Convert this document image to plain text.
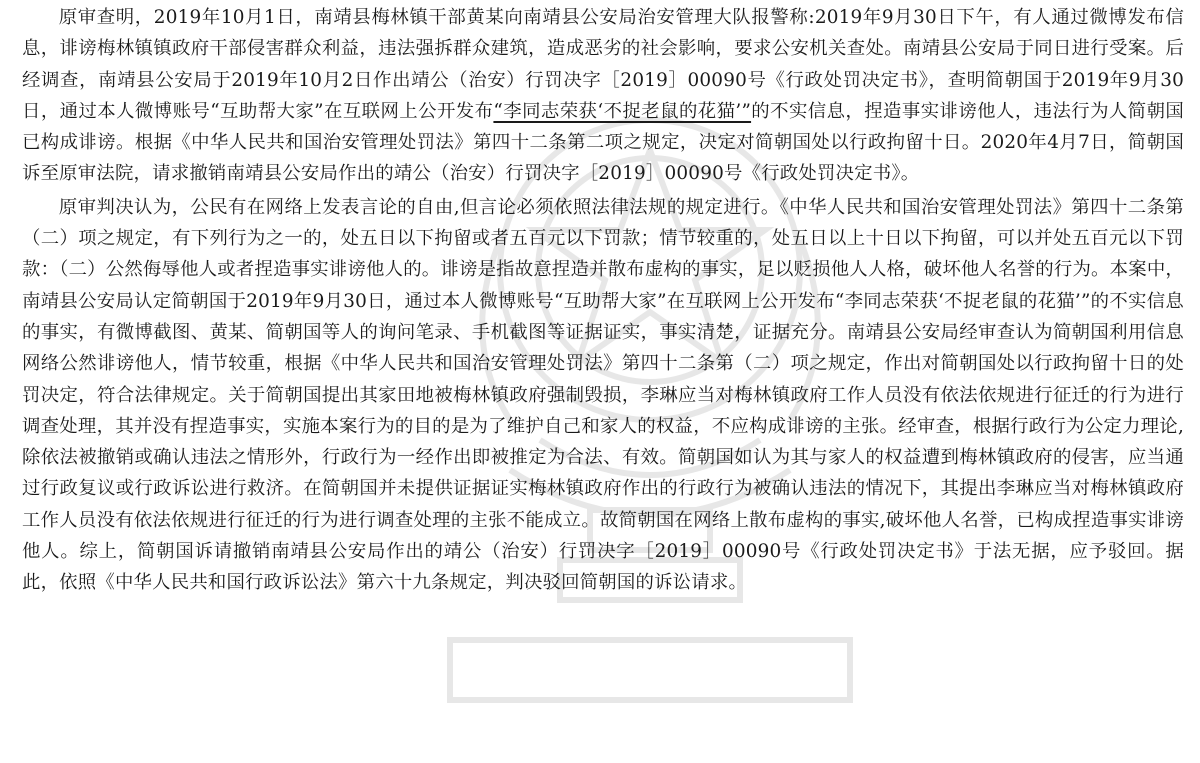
原审查明，2019年10月1日，南靖县梅林镇干部黄某向南靖县公安局治安管理大队报警称:2019年9月30日下午，有人通过微博发布信息，诽谤梅林镇镇政府干部侵害群众利益，违法强拆群众建筑，造成恶劣的社会影响，要求公安机关查处。南靖县公安局于同日进行受案。后经调查，南靖县公安局于2019年10月2日作出靖公（治安）行罚决字［2019］00090号《行政处罚决定书》，查明简朝国于2019年9月30日，通过本人微博账号“互助帮大家”在互联网上公开发布“李同志荣获‘不捉老鼠的花猫’”的不实信息，捏造事实诽谤他人，违法行为人简朝国已构成诽谤。根据《中华人民共和国治安管理处罚法》第四十二条第二项之规定，决定对简朝国处以行政拘留十日。2020年4月7日，简朝国诉至原审法院，请求撤销南靖县公安局作出的靖公（治安）行罚决字［2019］00090号《行政处罚决定书》。

原审判决认为，公民有在网络上发表言论的自由,但言论必须依照法律法规的规定进行。《中华人民共和国治安管理处罚法》第四十二条第（二）项之规定，有下列行为之一的，处五日以下拘留或者五百元以下罚款；情节较重的，处五日以上十日以下拘留，可以并处五百元以下罚款：（二）公然侮辱他人或者捏造事实诽谤他人的。诽谤是指故意捏造并散布虚构的事实，足以贬损他人人格，破坏他人名誉的行为。本案中，南靖县公安局认定简朝国于2019年9月30日，通过本人微博账号“互助帮大家”在互联网上公开发布“李同志荣获‘不捉老鼠的花猫’”的不实信息的事实，有微博截图、黄某、简朝国等人的询问笔录、手机截图等证据证实，事实清楚，证据充分。南靖县公安局经审查认为简朝国利用信息网络公然诽谤他人，情节较重，根据《中华人民共和国治安管理处罚法》第四十二条第（二）项之规定，作出对简朝国处以行政拘留十日的处罚决定，符合法律规定。关于简朝国提出其家田地被梅林镇政府强制毁损，李琳应当对梅林镇政府工作人员没有依法依规进行征迁的行为进行调查处理，其并没有捏造事实，实施本案行为的目的是为了维护自己和家人的权益，不应构成诽谤的主张。经审查，根据行政行为公定力理论,除依法被撤销或确认违法之情形外，行政行为一经作出即被推定为合法、有效。简朝国如认为其与家人的权益遭到梅林镇政府的侵害，应当通过行政复议或行政诉讼进行救济。在简朝国并未提供证据证实梅林镇政府作出的行政行为被确认违法的情况下，其提出李琳应当对梅林镇政府工作人员没有依法依规进行征迁的行为进行调查处理的主张不能成立。故简朝国在网络上散布虚构的事实,破坏他人名誉，已构成捏造事实诽谤他人。综上，简朝国诉请撤销南靖县公安局作出的靖公（治安）行罚决字［2019］00090号《行政处罚决定书》于法无据，应予驳回。据此，依照《中华人民共和国行政诉讼法》第六十九条规定，判决驳回简朝国的诉讼请求。
